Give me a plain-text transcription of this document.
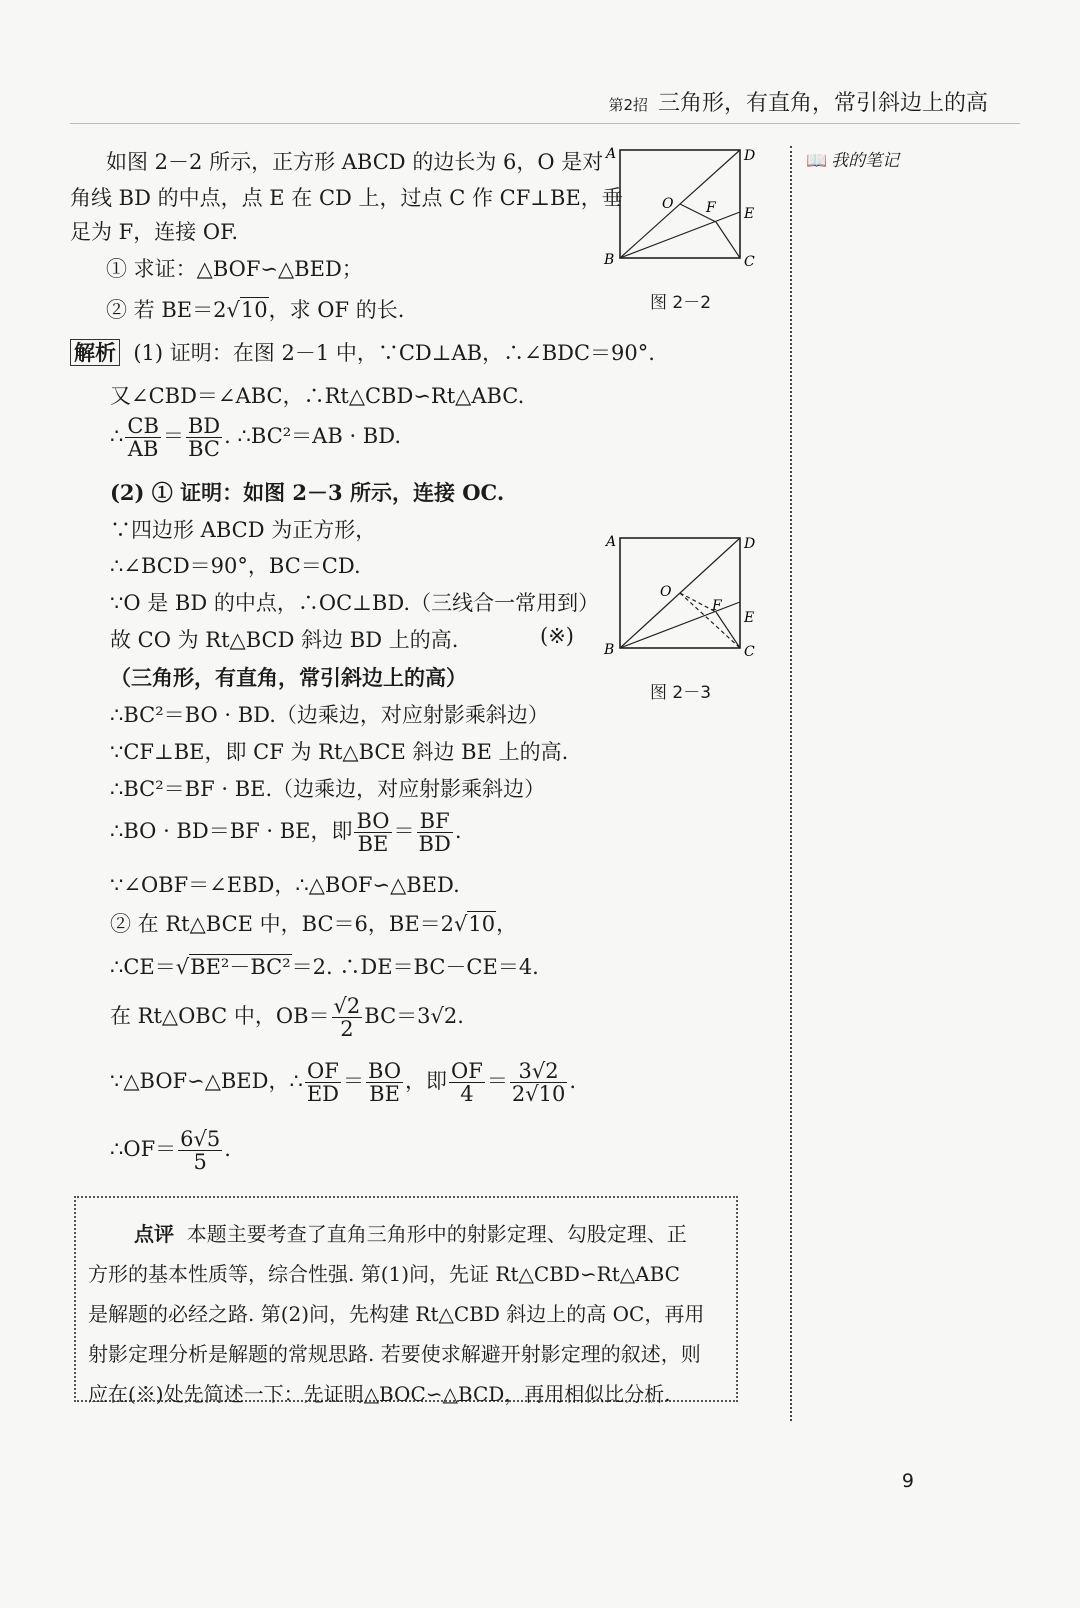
第2招 三角形，有直角，常引斜边上的高
📖 我的笔记
如图 2－2 所示，正方形 ABCD 的边长为 6，O 是对
角线 BD 的中点，点 E 在 CD 上，过点 C 作 CF⊥BE，垂
足为 F，连接 OF.
① 求证：△BOF∽△BED；
② 若 BE＝2√10，求 OF 的长.
A	D
B	C
O F E
图 2－2
解析 (1) 证明：在图 2－1 中，∵CD⊥AB，∴∠BDC＝90°.
又∠CBD＝∠ABC，∴Rt△CBD∽Rt△ABC.
∴ $\frac{CB}{AB} = \frac{BD}{BC}$ . ∴BC²＝AB · BD.
(2) ① 证明：如图 2－3 所示，连接 OC.
∵四边形 ABCD 为正方形，
∴∠BCD＝90°，BC＝CD.
∵O 是 BD 的中点，∴OC⊥BD.（三线合一常用到）
故 CO 为 Rt△BCD 斜边 BD 上的高.	(※)
（三角形，有直角，常引斜边上的高）
∴BC²＝BO · BD.（边乘边，对应射影乘斜边）
∵CF⊥BE，即 CF 为 Rt△BCE 斜边 BE 上的高.
∴BC²＝BF · BE.（边乘边，对应射影乘斜边）
∴BO · BD＝BF · BE，即 $\frac{BO}{BE} = \frac{BF}{BD}$ .
∵∠OBF＝∠EBD，∴△BOF∽△BED.
② 在 Rt△BCE 中，BC＝6，BE＝2√10，
∴CE＝√BE²－BC²＝2. ∴DE＝BC－CE＝4.
在 Rt△OBC 中，$OB= \frac{√2}{2} BC=3√2$.
∵△BOF∽△BED，∴ $\frac{OF}{ED} = \frac{BO}{BE}$ ，即 $\frac{OF}{4} = \frac{3√2}{2√10}$ .
∴OF＝ $\frac{6√5}{5}$ .
A	D
B	C
O
F
E
图 2－3

点评 本题主要考查了直角三角形中的射影定理、勾股定理、正

方形的基本性质等，综合性强. 第(1)问，先证 Rt△CBD∽Rt△ABC

是解题的必经之路. 第(2)问，先构建 Rt△CBD 斜边上的高 OC，再用

射影定理分析是解题的常规思路. 若要使求解避开射影定理的叙述，则

应在(※)处先简述一下：先证明△BOC∽△BCD，再用相似比分析.

9
